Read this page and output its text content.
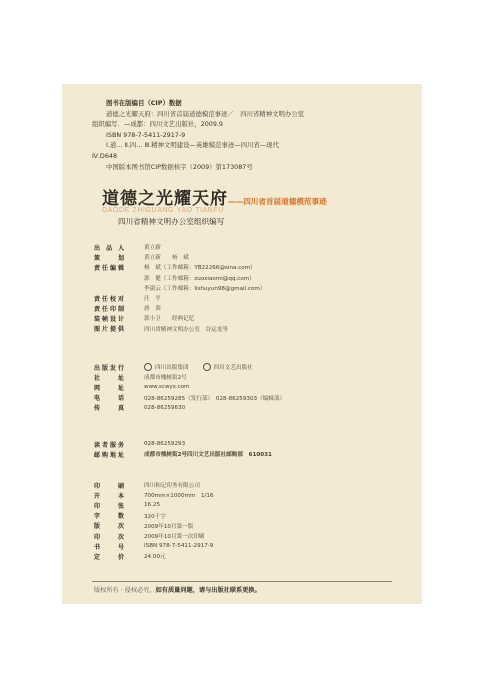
图书在版编目（CIP）数据
道德之光耀天府：四川省首届道德模范事迹／　四川省精神文明办公室
组织编写．—成都：四川文艺出版社，2009.9
ISBN 978-7-5411-2917-9
Ⅰ.道… Ⅱ.四… Ⅲ.精神文明建设—英雄模范事迹—四川省—现代
Ⅳ.D648
中国版本图书馆CIP数据核字（2009）第173087号
道德之光耀天府——四川省首届道德模范事迹
DAODE ZHIGUANG YAO TIANFU
四川省精神文明办公室组织编写
出 品 人	黄立新
策　　划	黄立新　　杨　斌
责任编辑	杨　斌（工作邮箱：YB22266@sina.com）
郭　健（工作邮箱：zuoxiaomi@qq.com）
李淑云（工作邮箱：lishuyun98@gmail.com）
责任校对	汪　平
责任印制	唐　茵
装帧设计	郭小卫　　经典记忆
图片提供	四川省精神文明办公室　谷运龙等
出版发行	四川出版集团	四川文艺出版社
社　　址	成都市槐树街2号
网　　址	www.scwys.com
电　　话	028-86259285（发行部）　028-86259303（编辑部）
传　　真	028-86259630
读者服务	028-86259293
邮购地址	成都市槐树街2号四川文艺出版社邮购部　610031
印　　刷	四川和记印务有限公司
开　　本	700mm×1000mm　1/16
印　　张	16.25
字　　数	320千字
版　　次	2009年10月第一版
印　　次	2009年10月第一次印刷
书　　号	ISBN 978-7-5411-2917-9
定　　价	24.00元
版权所有 · 侵权必究。如有质量问题，请与出版社联系更换。
